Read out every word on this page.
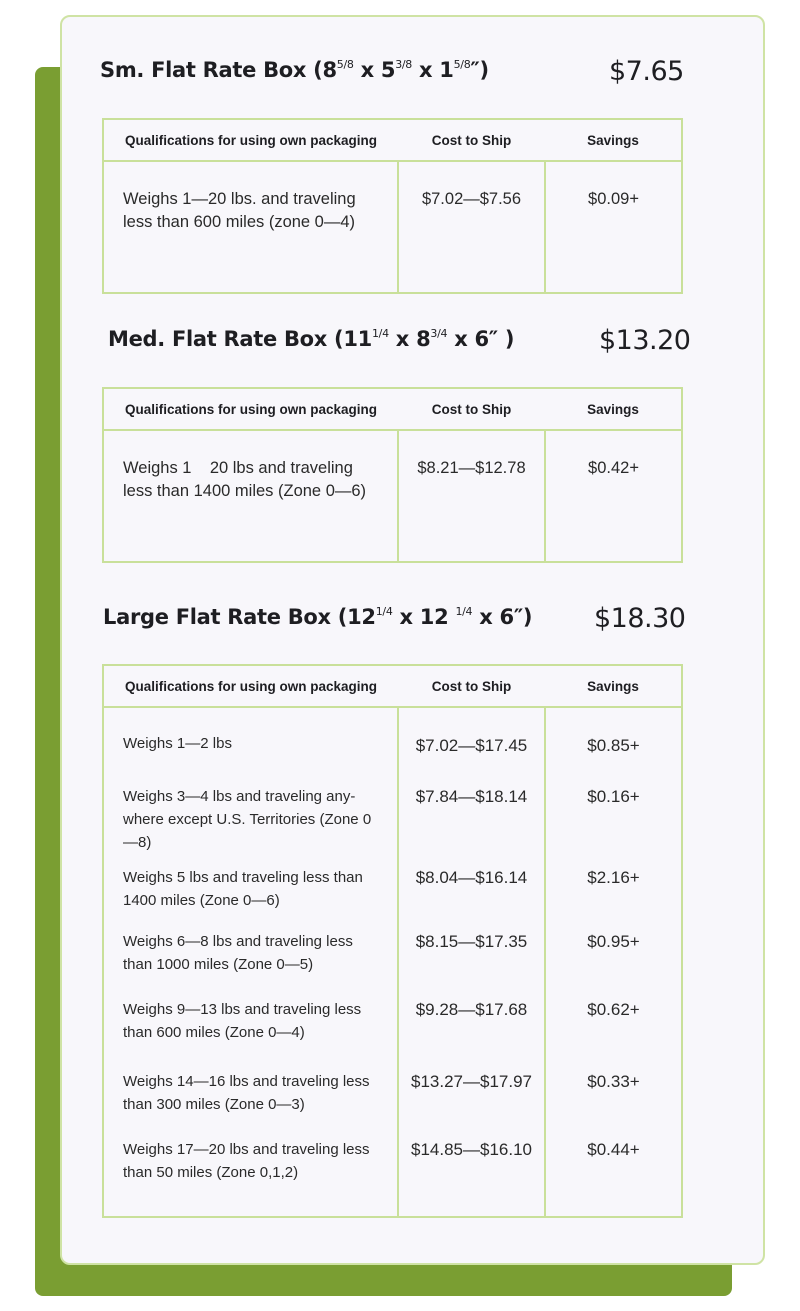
Sm. Flat Rate Box ($8^{5/8}$ x $5^{3/8}$ x $1^{5/8}''$)	$7.65
Qualifications for using own packaging	Cost to Ship	Savings
Weighs 1—20 lbs. and traveling less than 600 miles (zone 0—4)	$7.02—$7.56	$0.09+
Med. Flat Rate Box ($11^{1/4}$ x $8^{3/4}$ x 6″ )	$13.20
Qualifications for using own packaging	Cost to Ship	Savings
Weighs 1    20 lbs and traveling less than 1400 miles (Zone 0—6)	$8.21—$12.78	$0.42+
Large Flat Rate Box ($12^{1/4}$ x 12 $^{1/4}$ x 6″) $18.30
Qualifications for using own packaging	Cost to Ship	Savings
Weighs 1—2 lbs	$7.02—$17.45	$0.85+
Weighs 3—4 lbs and traveling any-where except U.S. Territories (Zone 0—8)	$7.84—$18.14	$0.16+
Weighs 5 lbs and traveling less than 1400 miles (Zone 0—6)	$8.04—$16.14	$2.16+
Weighs 6—8 lbs and traveling less than 1000 miles (Zone 0—5)	$8.15—$17.35	$0.95+
Weighs 9—13 lbs and traveling less than 600 miles (Zone 0—4)	$9.28—$17.68	$0.62+
Weighs 14—16 lbs and traveling less than 300 miles (Zone 0—3)	$13.27—$17.97	$0.33+
Weighs 17—20 lbs and traveling less than 50 miles (Zone 0,1,2)	$14.85—$16.10	$0.44+
